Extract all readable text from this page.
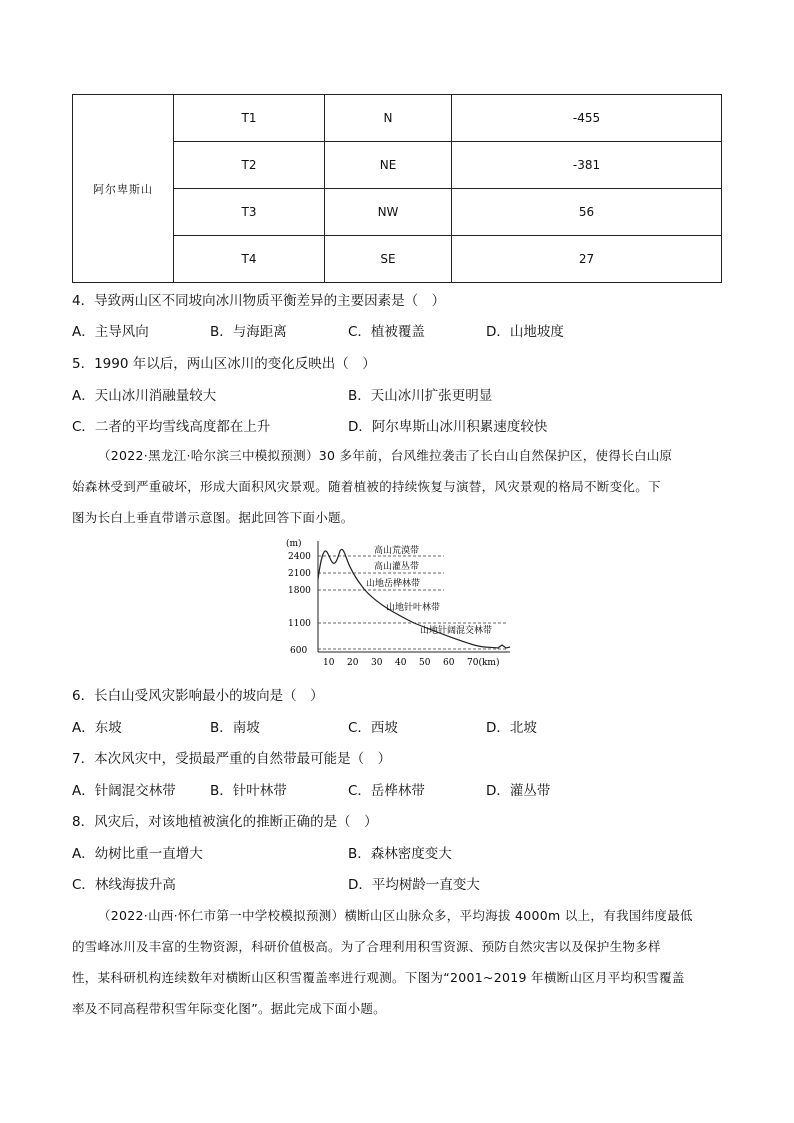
阿尔卑斯山	T1	N	-455
	T2	NE	-381
	T3	NW	56
	T4	SE	27
4．导致两山区不同坡向冰川物质平衡差异的主要因素是（　）
A．主导风向	B．与海距离	C．植被覆盖	D．山地坡度
5．1990 年以后，两山区冰川的变化反映出（　）
A．天山冰川消融量较大	B．天山冰川扩张更明显
C．二者的平均雪线高度都在上升	D．阿尔卑斯山冰川积累速度较快
（2022·黑龙江·哈尔滨三中模拟预测）30 多年前，台风维拉袭击了长白山自然保护区，使得长白山原
始森林受到严重破坏，形成大面积风灾景观。随着植被的持续恢复与演替，风灾景观的格局不断变化。下
图为长白上垂直带谱示意图。据此回答下面小题。
(m)
2400
2100
1800
1100
600
高山荒漠带
高山灌丛带
山地岳桦林带
山地针叶林带
山地针阔混交林带
10 20 30 40 50 60 70(km)
6．长白山受风灾影响最小的坡向是（　）
A．东坡	B．南坡	C．西坡	D．北坡
7．本次风灾中，受损最严重的自然带最可能是（　）
A．针阔混交林带	B．针叶林带	C．岳桦林带	D．灌丛带
8．风灾后，对该地植被演化的推断正确的是（　）
A．幼树比重一直增大	B．森林密度变大
C．林线海拔升高	D．平均树龄一直变大
（2022·山西·怀仁市第一中学校模拟预测）横断山区山脉众多，平均海拔 4000m 以上，有我国纬度最低
的雪峰冰川及丰富的生物资源，科研价值极高。为了合理利用积雪资源、预防自然灾害以及保护生物多样
性，某科研机构连续数年对横断山区积雪覆盖率进行观测。下图为“2001~2019 年横断山区月平均积雪覆盖
率及不同高程带积雪年际变化图”。据此完成下面小题。
